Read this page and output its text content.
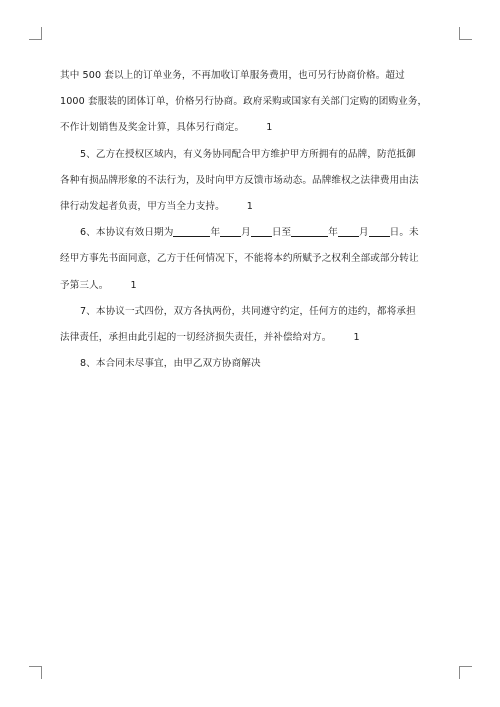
其中 500 套以上的订单业务，不再加收订单服务费用，也可另行协商价格。超过
1000 套服装的团体订单，价格另行协商。政府采购或国家有关部门定购的团购业务，
不作计划销售及奖金计算，具体另行商定。 1

5、乙方在授权区域内，有义务协同配合甲方维护甲方所拥有的品牌，防范抵御
各种有损品牌形象的不法行为，及时向甲方反馈市场动态。品牌维权之法律费用由法
律行动发起者负责，甲方当全力支持。 1

6、本协议有效日期为	年 月 日至	年 月 日。未
经甲方事先书面同意，乙方于任何情况下，不能将本约所赋予之权利全部或部分转让
予第三人。 1

7、本协议一式四份，双方各执两份，共同遵守约定，任何方的违约，都将承担
法律责任，承担由此引起的一切经济损失责任，并补偿给对方。 1

8、本合同未尽事宜，由甲乙双方协商解决
